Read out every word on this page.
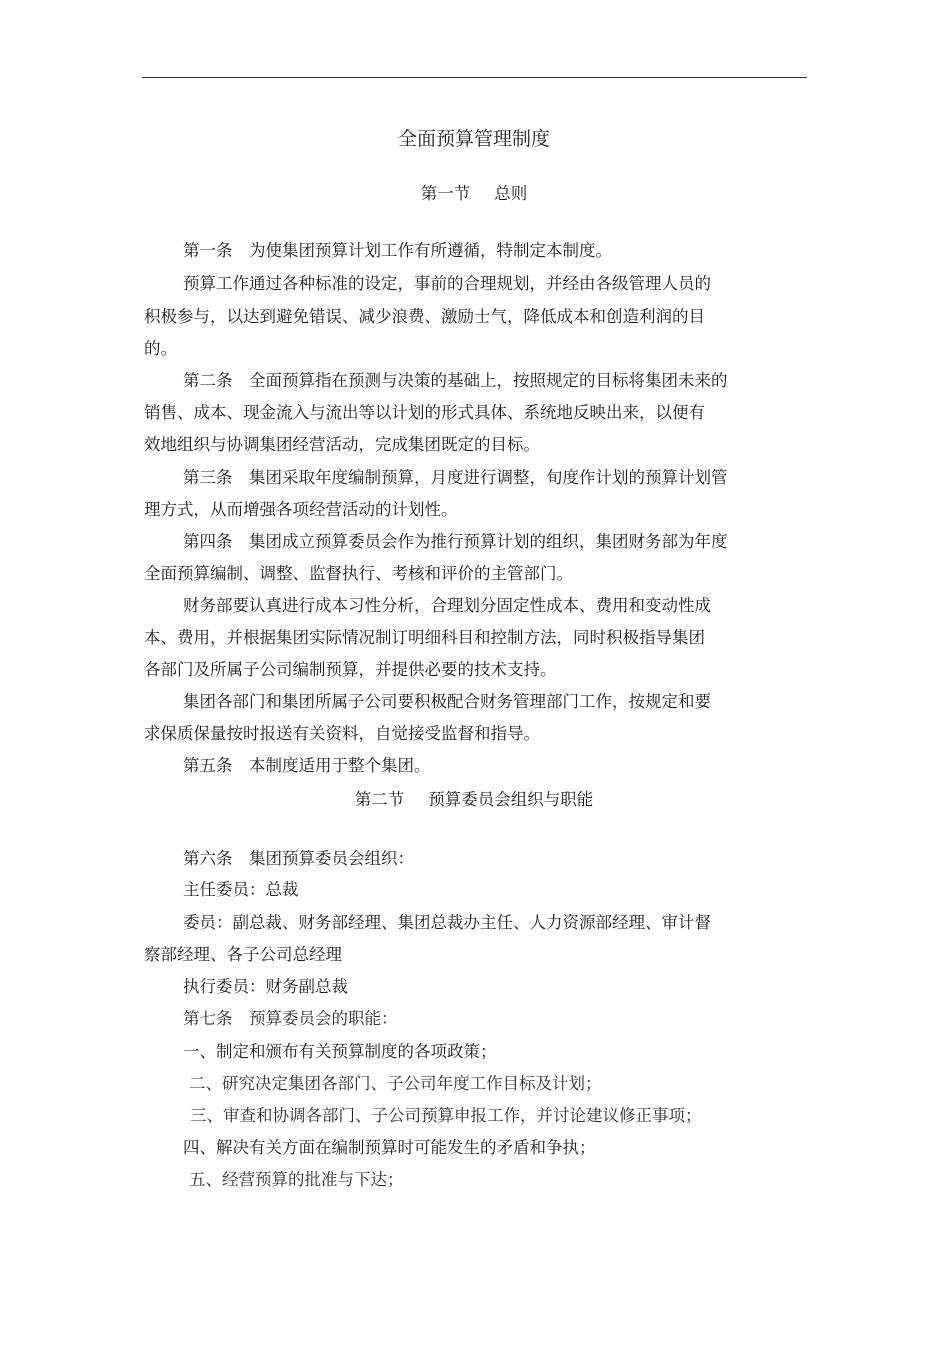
全面预算管理制度
第一节 总则
第一条　为使集团预算计划工作有所遵循，特制定本制度。
预算工作通过各种标准的设定，事前的合理规划，并经由各级管理人员的
积极参与，以达到避免错误、减少浪费、激励士气，降低成本和创造利润的目
的。
第二条　全面预算指在预测与决策的基础上，按照规定的目标将集团未来的
销售、成本、现金流入与流出等以计划的形式具体、系统地反映出来，以便有
效地组织与协调集团经营活动，完成集团既定的目标。
第三条　集团采取年度编制预算，月度进行调整，旬度作计划的预算计划管
理方式，从而增强各项经营活动的计划性。
第四条　集团成立预算委员会作为推行预算计划的组织，集团财务部为年度
全面预算编制、调整、监督执行、考核和评价的主管部门。
财务部要认真进行成本习性分析，合理划分固定性成本、费用和变动性成
本、费用，并根据集团实际情况制订明细科目和控制方法，同时积极指导集团
各部门及所属子公司编制预算，并提供必要的技术支持。
集团各部门和集团所属子公司要积极配合财务管理部门工作，按规定和要
求保质保量按时报送有关资料，自觉接受监督和指导。
第五条　本制度适用于整个集团。
第二节 预算委员会组织与职能
第六条　集团预算委员会组织：
主任委员：总裁
委员：副总裁、财务部经理、集团总裁办主任、人力资源部经理、审计督
察部经理、各子公司总经理
执行委员：财务副总裁
第七条　预算委员会的职能：
一、制定和颁布有关预算制度的各项政策；
二、研究决定集团各部门、子公司年度工作目标及计划；
三、审查和协调各部门、子公司预算申报工作，并讨论建议修正事项；
四、解决有关方面在编制预算时可能发生的矛盾和争执；
五、经营预算的批准与下达；
